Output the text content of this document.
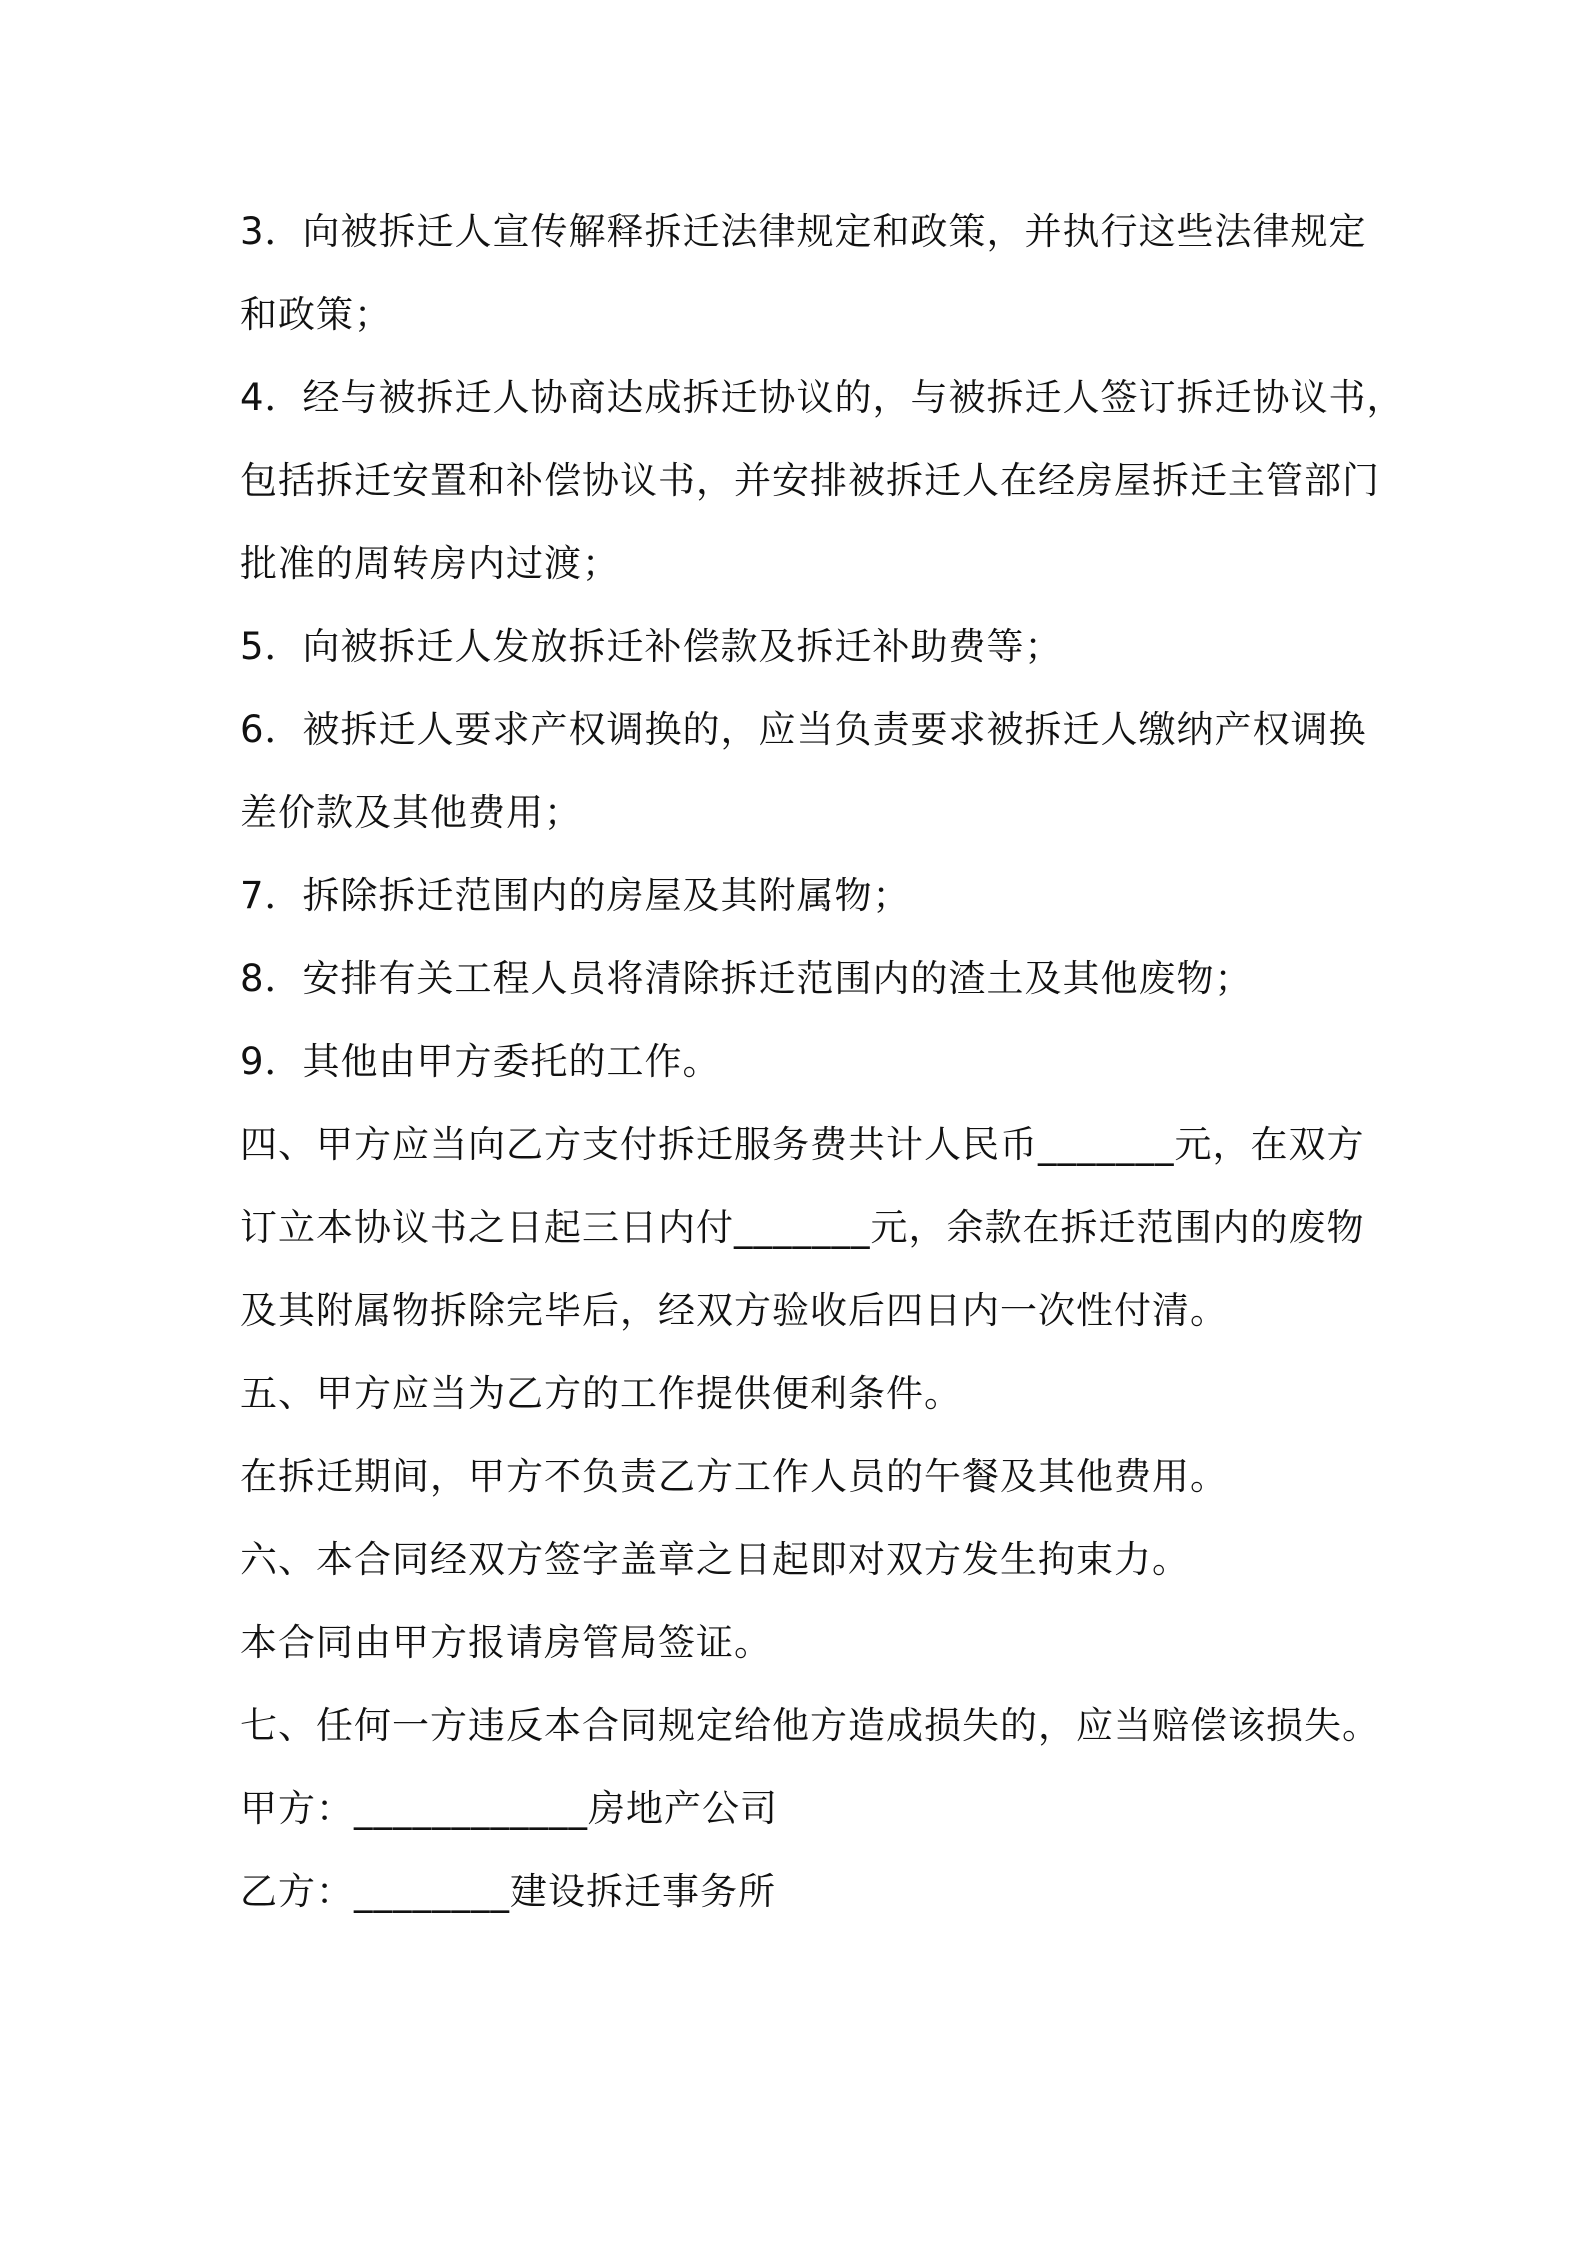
3．向被拆迁人宣传解释拆迁法律规定和政策，并执行这些法律规定
和政策；
4．经与被拆迁人协商达成拆迁协议的，与被拆迁人签订拆迁协议书，
包括拆迁安置和补偿协议书，并安排被拆迁人在经房屋拆迁主管部门
批准的周转房内过渡；
5．向被拆迁人发放拆迁补偿款及拆迁补助费等；
6．被拆迁人要求产权调换的，应当负责要求被拆迁人缴纳产权调换
差价款及其他费用；
7．拆除拆迁范围内的房屋及其附属物；
8．安排有关工程人员将清除拆迁范围内的渣土及其他废物；
9．其他由甲方委托的工作。
四、甲方应当向乙方支付拆迁服务费共计人民币_______元，在双方
订立本协议书之日起三日内付_______元，余款在拆迁范围内的废物
及其附属物拆除完毕后，经双方验收后四日内一次性付清。
五、甲方应当为乙方的工作提供便利条件。
在拆迁期间，甲方不负责乙方工作人员的午餐及其他费用。
六、本合同经双方签字盖章之日起即对双方发生拘束力。
本合同由甲方报请房管局签证。
七、任何一方违反本合同规定给他方造成损失的，应当赔偿该损失。
甲方：____________房地产公司
乙方：________建设拆迁事务所
